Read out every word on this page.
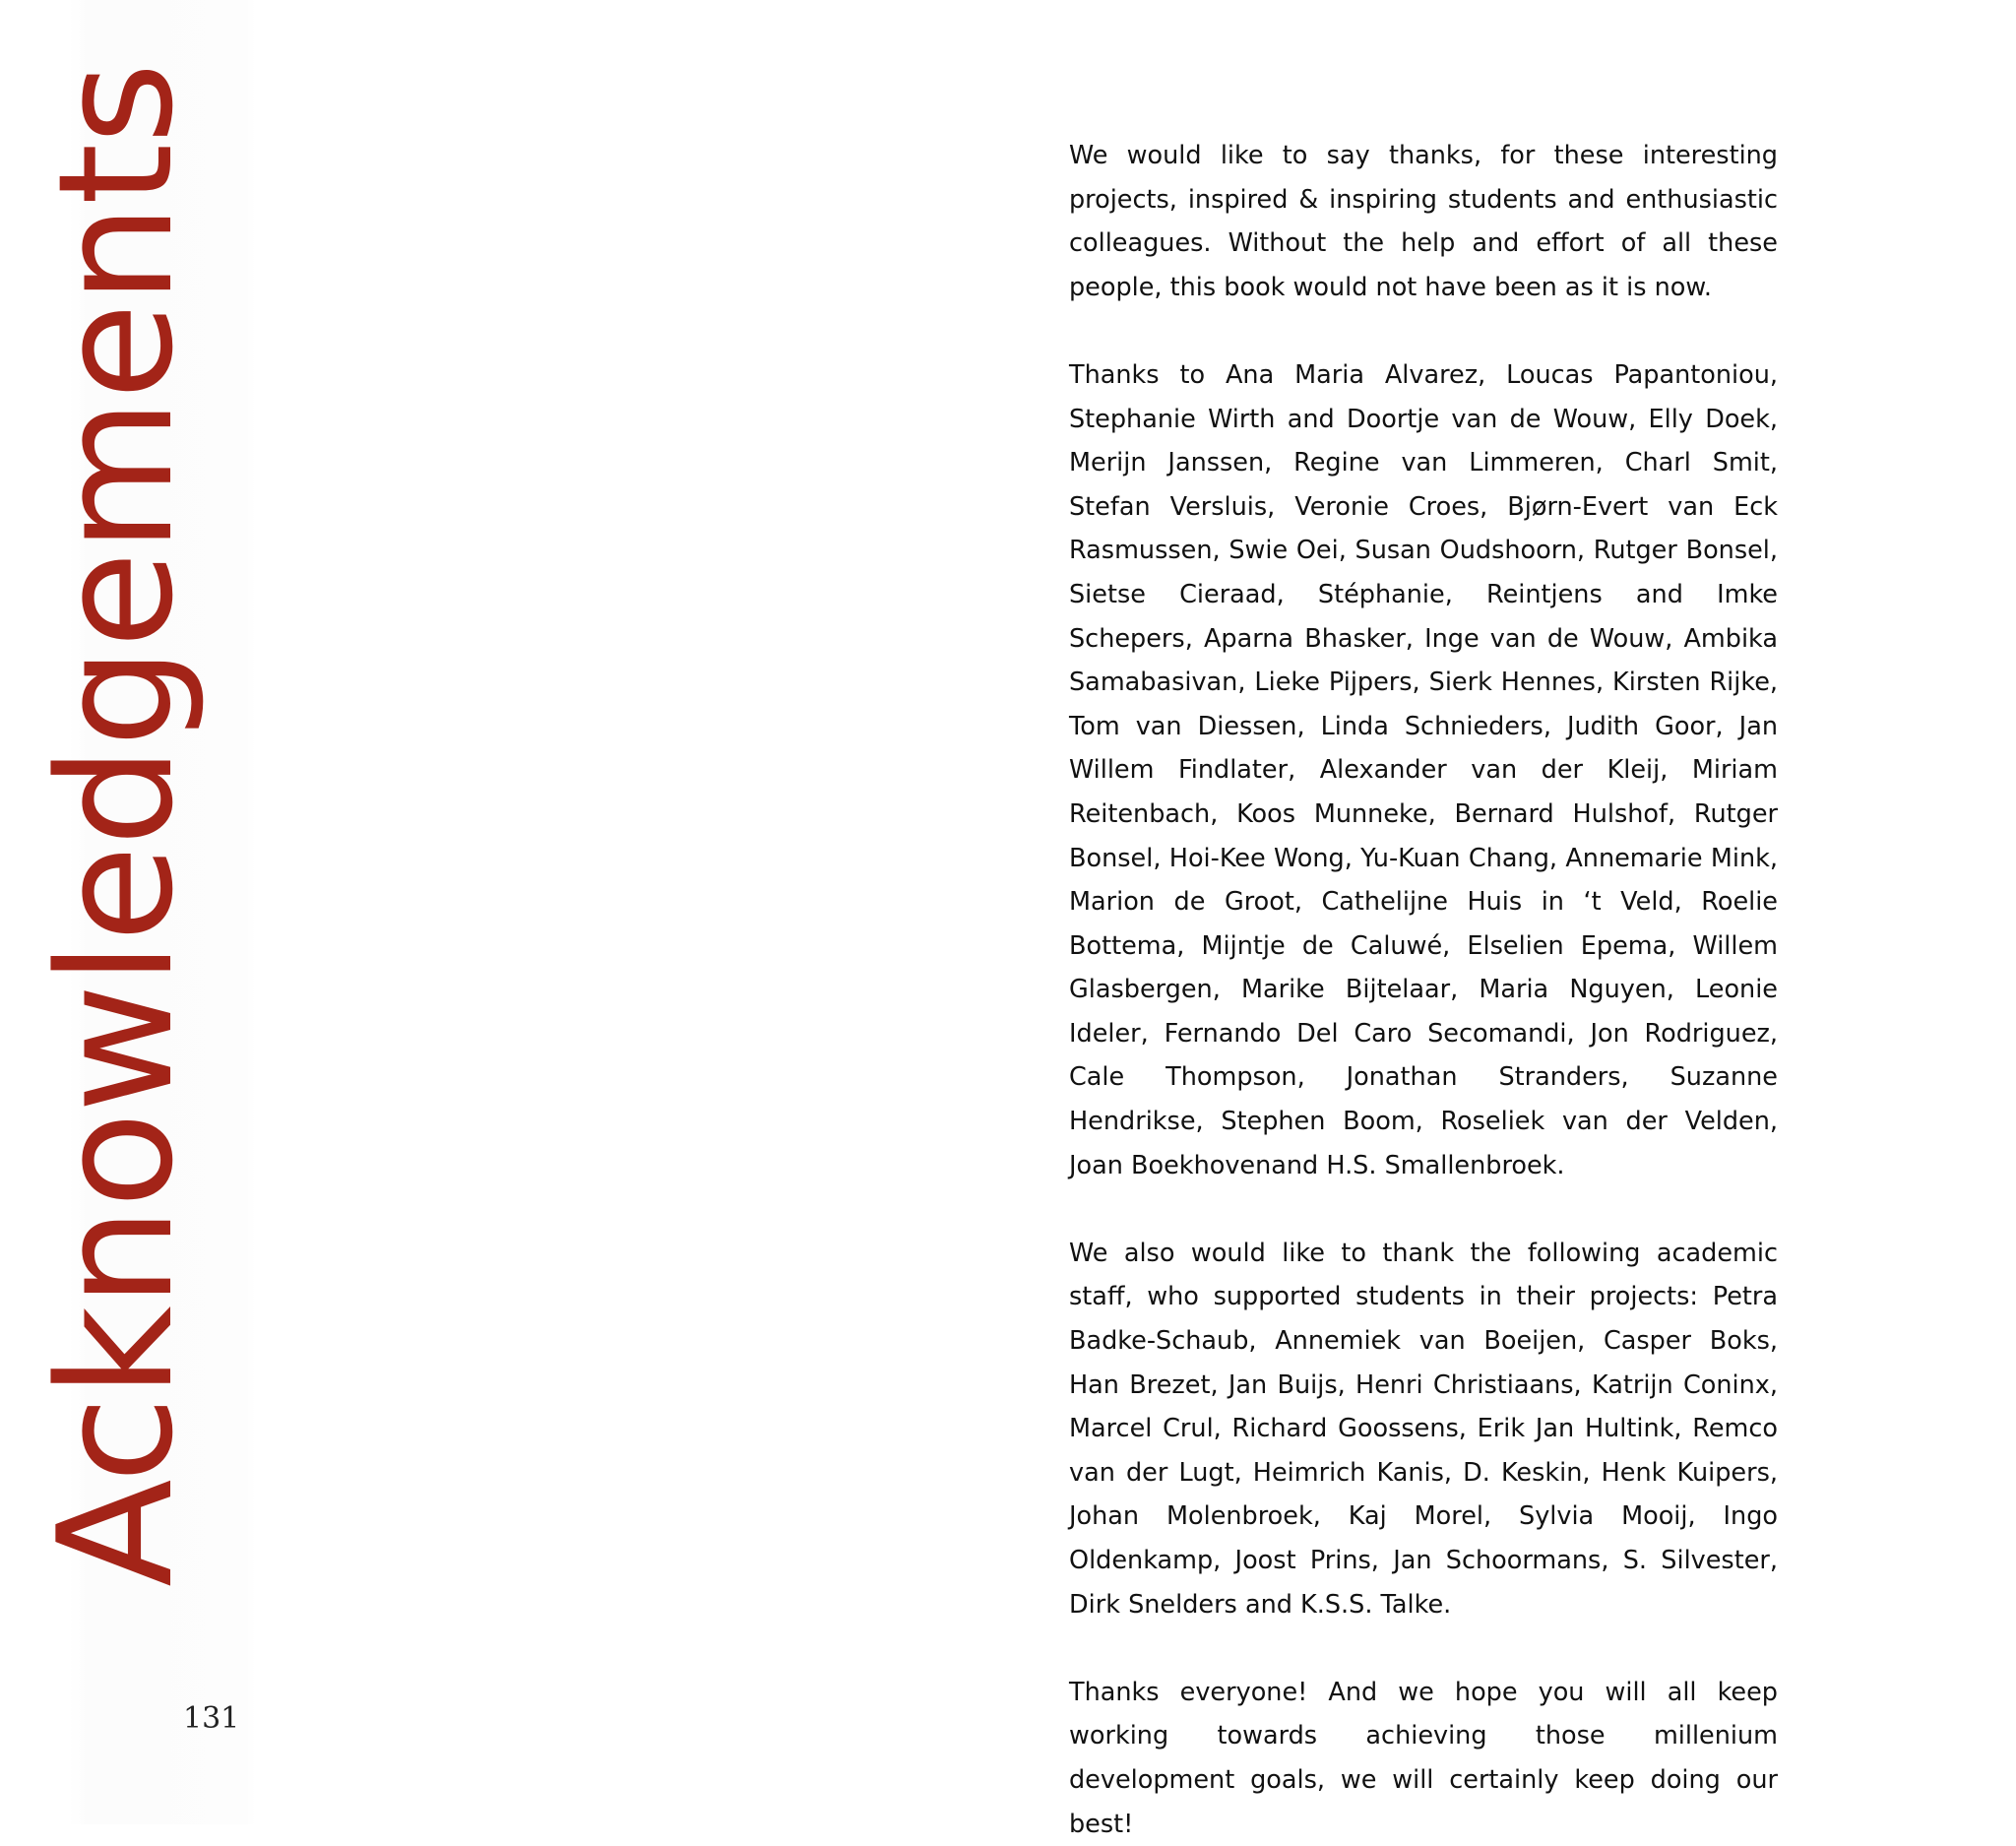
Acknowledgements
131

We would like to say thanks, for these interesting projects, inspired & inspiring students and enthusiastic colleagues. Without the help and effort of all these people, this book would not have been as it is now.

Thanks to Ana Maria Alvarez, Loucas Papantoniou, Stephanie Wirth and Doortje van de Wouw, Elly Doek, Merijn Janssen, Regine van Limmeren, Charl Smit, Stefan Versluis, Veronie Croes, Bjørn-Evert van Eck Rasmussen, Swie Oei, Susan Oudshoorn, Rutger Bonsel, Sietse Cieraad, Stéphanie, Reintjens and Imke Schepers, Aparna Bhasker, Inge van de Wouw, Ambika Samabasivan, Lieke Pijpers, Sierk Hennes, Kirsten Rijke, Tom van Diessen, Linda Schnieders, Judith Goor, Jan Willem Findlater, Alexander van der Kleij, Miriam Reitenbach, Koos Munneke, Bernard Hulshof, Rutger Bonsel, Hoi-Kee Wong, Yu-Kuan Chang, Annemarie Mink, Marion de Groot, Cathelijne Huis in ‘t Veld, Roelie Bottema, Mijntje de Caluwé, Elselien Epema, Willem Glasbergen, Marike Bijtelaar, Maria Nguyen, Leonie Ideler, Fernando Del Caro Secomandi, Jon Rodriguez, Cale Thompson, Jonathan Stranders, Suzanne Hendrikse, Stephen Boom, Roseliek van der Velden, Joan Boekhovenand H.S. Smallenbroek.

We also would like to thank the following academic staff, who supported students in their projects: Petra Badke-Schaub, Annemiek van Boeijen, Casper Boks, Han Brezet, Jan Buijs, Henri Christiaans, Katrijn Coninx, Marcel Crul, Richard Goossens, Erik Jan Hultink, Remco van der Lugt, Heimrich Kanis, D. Keskin, Henk Kuipers, Johan Molenbroek, Kaj Morel, Sylvia Mooij, Ingo Oldenkamp, Joost Prins, Jan Schoormans, S. Silvester, Dirk Snelders and K.S.S. Talke.

Thanks everyone! And we hope you will all keep working towards achieving those millenium development goals, we will certainly keep doing our best!
